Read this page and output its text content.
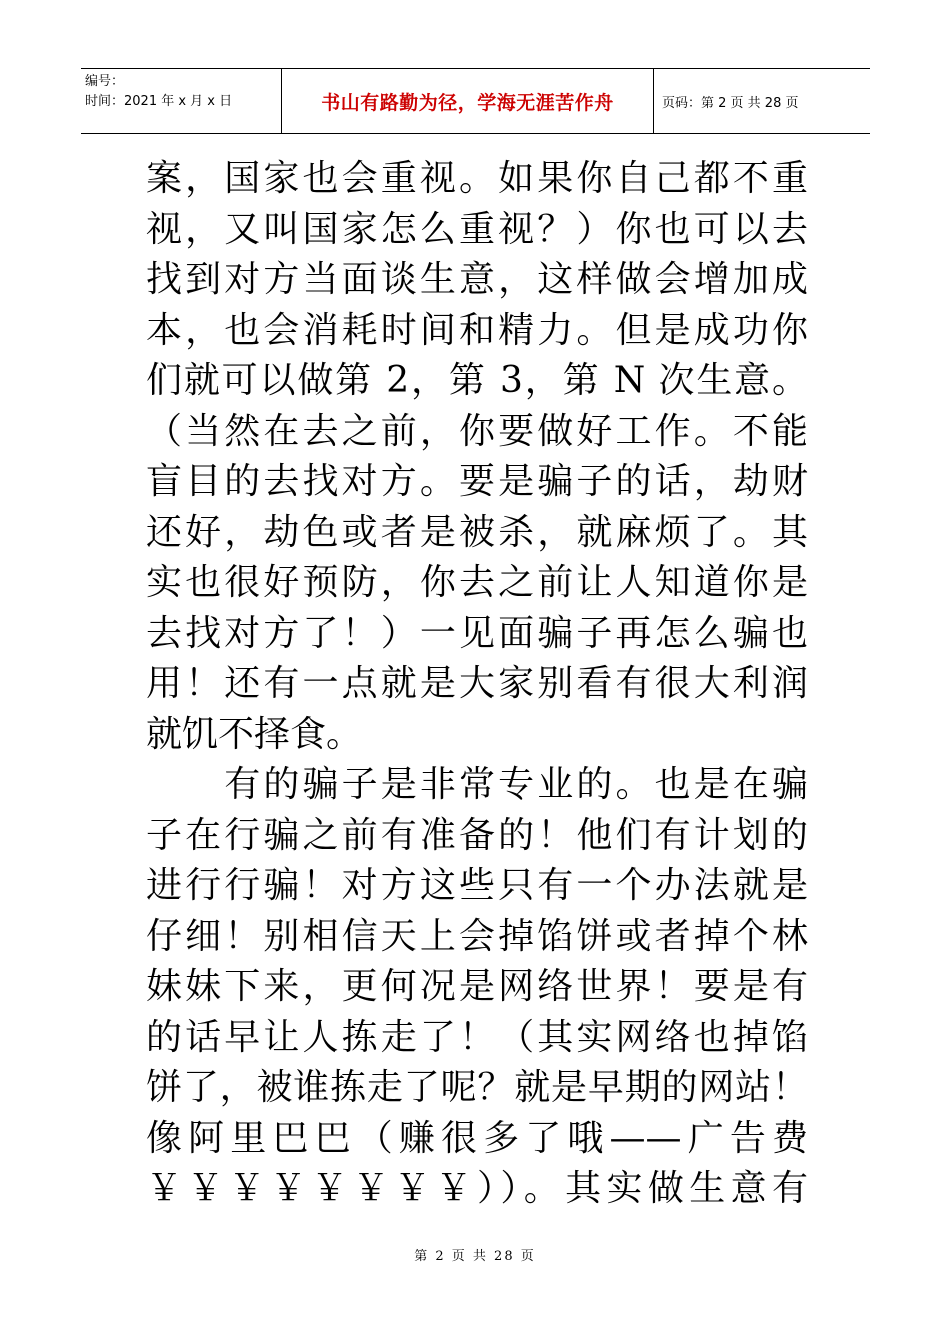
编号：
时间：2021 年 x 月 x 日	书山有路勤为径，学海无涯苦作舟	页码：第 2 页 共 28 页
案，国家也会重视。如果你自己都不重
视，又叫国家怎么重视？）你也可以去
找到对方当面谈生意，这样做会增加成
本，也会消耗时间和精力。但是成功你
们就可以做第 2，第 3，第 N 次生意。
（当然在去之前，你要做好工作。不能
盲目的去找对方。要是骗子的话，劫财
还好，劫色或者是被杀，就麻烦了。其
实也很好预防，你去之前让人知道你是
去找对方了！）一见面骗子再怎么骗也
用！还有一点就是大家别看有很大利润
就饥不择食。
　　有的骗子是非常专业的。也是在骗
子在行骗之前有准备的！他们有计划的
进行行骗！对方这些只有一个办法就是
仔细！别相信天上会掉馅饼或者掉个林
妹妹下来，更何况是网络世界！要是有
的话早让人拣走了！（其实网络也掉馅
饼了，被谁拣走了呢？就是早期的网站！
像阿里巴巴（赚很多了哦——广告费
￥￥￥￥￥￥￥￥））。其实做生意有
第 2 页 共 28 页
